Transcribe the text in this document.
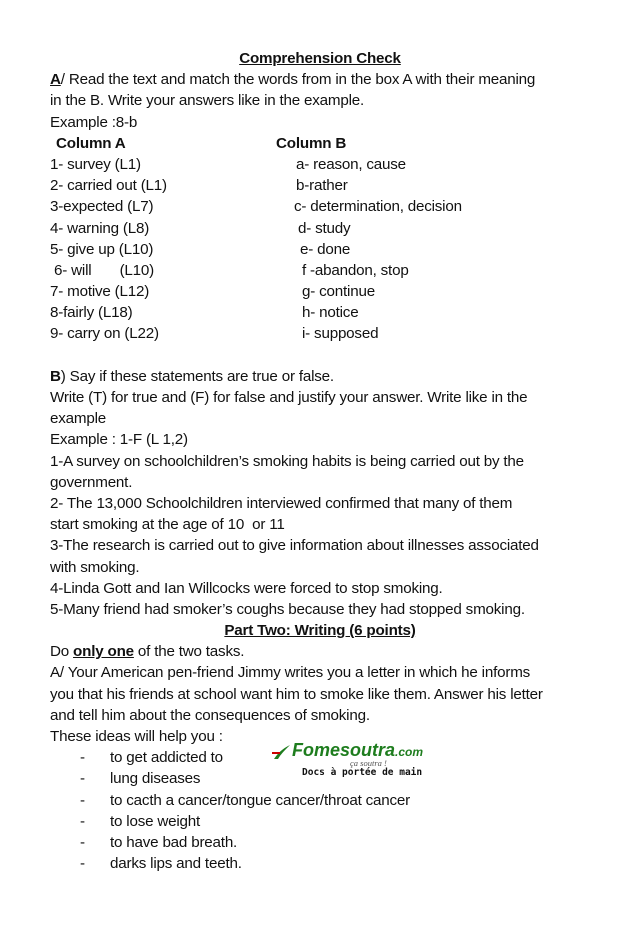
Comprehension Check
A/ Read the text and match the words from in the box A with their meaning
in the B. Write your answers like in the example.
Example :8-b
Column A	Column B
1- survey (L1)	a- reason, cause
2- carried out (L1)	b-rather
3-expected (L7)	c- determination, decision
4- warning (L8)	d- study
5- give up (L10)	e- done
6- will       (L10)	f -abandon, stop
7- motive (L12)	g- continue
8-fairly (L18)	h- notice
9- carry on (L22)	i- supposed
B) Say if these statements are true or false.
Write (T) for true and (F) for false and justify your answer. Write like in the
example
Example : 1-F (L 1,2)
1-A survey on schoolchildren’s smoking habits is being carried out by the
government.
2- The 13,000 Schoolchildren interviewed confirmed that many of them
start smoking at the age of 10  or 11
3-The research is carried out to give information about illnesses associated
with smoking.
4-Linda Gott and Ian Willcocks were forced to stop smoking.
5-Many friend had smoker’s coughs because they had stopped smoking.
Part Two: Writing (6 points)
Do only one of the two tasks.
A/ Your American pen-friend Jimmy writes you a letter in which he informs
you that his friends at school want him to smoke like them. Answer his letter
and tell him about the consequences of smoking.
These ideas will help you :
- to get addicted to
- lung diseases
- to cacth a cancer/tongue cancer/throat cancer
- to lose weight
- to have bad breath.
- darks lips and teeth.
Fomesoutra.com
ça soutra !
Docs à portée de main
